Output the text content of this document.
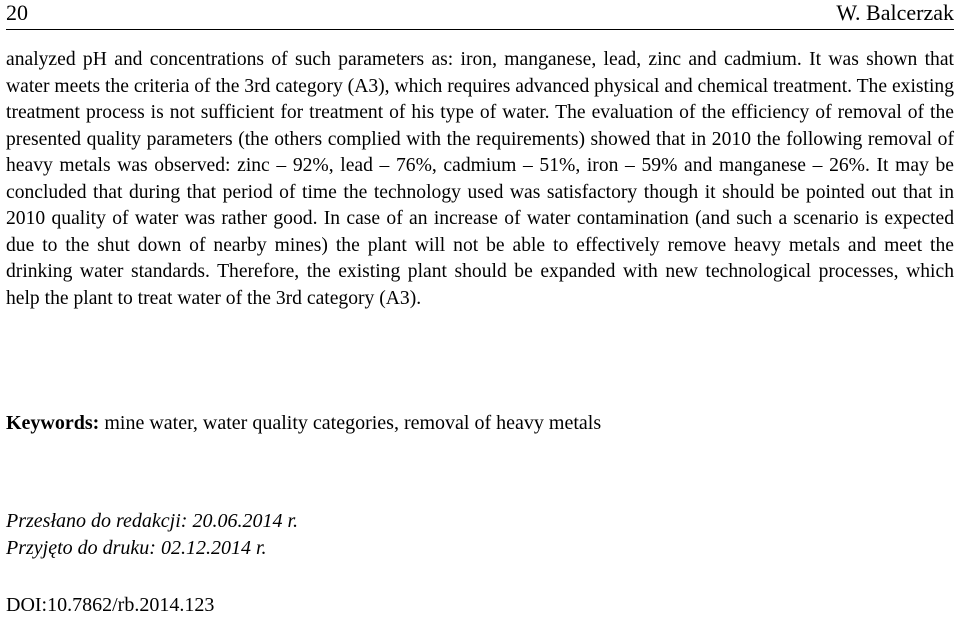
20	W. Balcerzak

analyzed pH and concentrations of such parameters as: iron, manganese, lead, zinc and cadmium. It was shown that water meets the criteria of the 3rd category (A3), which requires advanced physical and chemical treatment. The existing treatment process is not sufficient for treatment of his type of water. The evaluation of the efficiency of removal of the presented quality parameters (the others complied with the requirements) showed that in 2010 the following removal of heavy metals was observed: zinc – 92%, lead – 76%, cadmium – 51%, iron – 59% and manganese – 26%. It may be concluded that during that period of time the technology used was satisfactory though it should be pointed out that in 2010 quality of water was rather good. In case of an increase of water contamination (and such a scenario is expected due to the shut down of nearby mines) the plant will not be able to effectively remove heavy metals and meet the drinking water standards. Therefore, the existing plant should be expanded with new technological processes, which help the plant to treat water of the 3rd category (A3).

Keywords: mine water, water quality categories, removal of heavy metals

Przesłano do redakcji: 20.06.2014 r.
Przyjęto do druku: 02.12.2014 r.

DOI:10.7862/rb.2014.123
